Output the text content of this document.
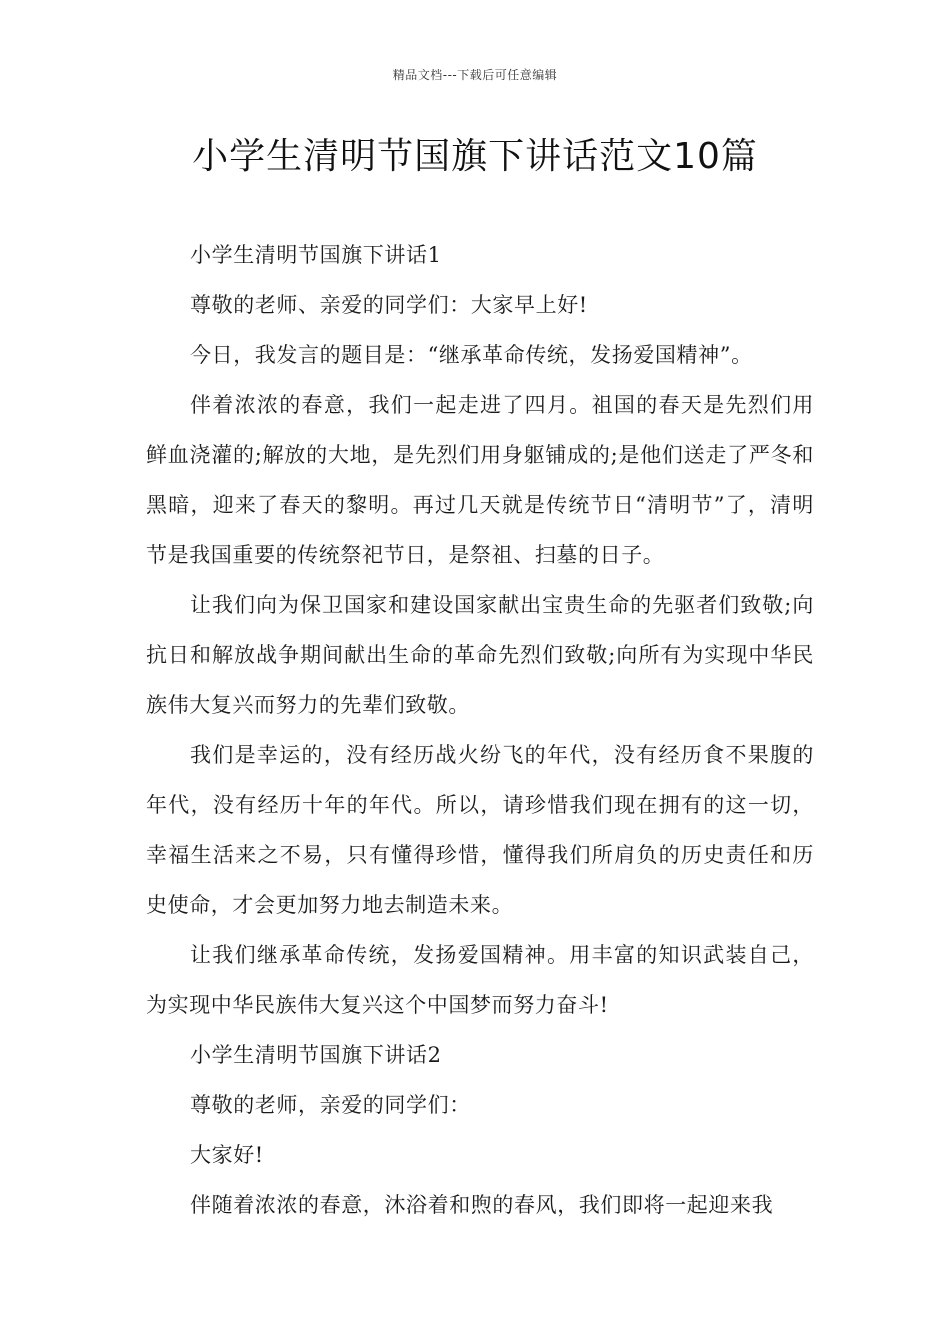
精品文档---下载后可任意编辑
小学生清明节国旗下讲话范文10篇

小学生清明节国旗下讲话1

尊敬的老师、亲爱的同学们：大家早上好!

今日，我发言的题目是：“继承革命传统，发扬爱国精神”。

伴着浓浓的春意，我们一起走进了四月。祖国的春天是先烈们用鲜血浇灌的;解放的大地，是先烈们用身躯铺成的;是他们送走了严冬和黑暗，迎来了春天的黎明。再过几天就是传统节日“清明节”了，清明节是我国重要的传统祭祀节日，是祭祖、扫墓的日子。

让我们向为保卫国家和建设国家献出宝贵生命的先驱者们致敬;向抗日和解放战争期间献出生命的革命先烈们致敬;向所有为实现中华民族伟大复兴而努力的先辈们致敬。

我们是幸运的，没有经历战火纷飞的年代，没有经历食不果腹的年代，没有经历十年的年代。所以，请珍惜我们现在拥有的这一切，幸福生活来之不易，只有懂得珍惜，懂得我们所肩负的历史责任和历史使命，才会更加努力地去制造未来。

让我们继承革命传统，发扬爱国精神。用丰富的知识武装自己，为实现中华民族伟大复兴这个中国梦而努力奋斗!

小学生清明节国旗下讲话2

尊敬的老师，亲爱的同学们：

大家好!

伴随着浓浓的春意，沐浴着和煦的春风，我们即将一起迎来我
